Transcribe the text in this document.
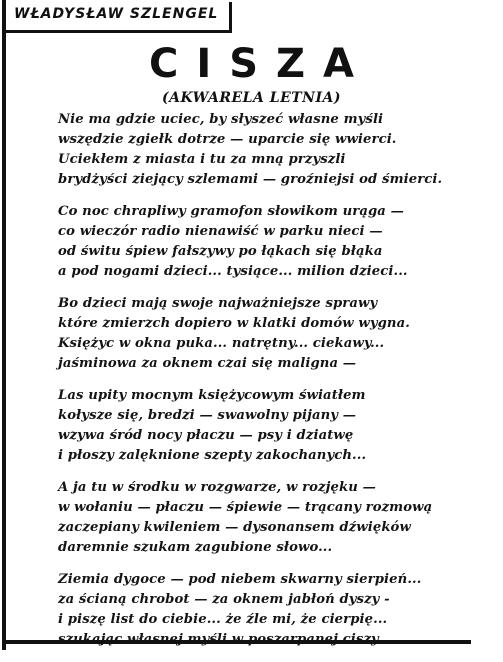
WŁADYSŁAW SZLENGEL
CISZA
(AKWARELA LETNIA)
Nie ma gdzie uciec, by słyszeć własne myśli
wszędzie zgiełk dotrze — uparcie się wwierci.
Uciekłem z miasta i tu za mną przyszli
brydżyści ziejący szlemami — groźniejsi od śmierci.
Co noc chrapliwy gramofon słowikom urąga —
co wieczór radio nienawiść w parku nieci —
od świtu śpiew fałszywy po łąkach się błąka
a pod nogami dzieci... tysiące... milion dzieci...
Bo dzieci mają swoje najważniejsze sprawy
które zmierzch dopiero w klatki domów wygna.
Księżyc w okna puka... natrętny... ciekawy...
jaśminowa za oknem czai się maligna —
Las upity mocnym księżycowym światłem
kołysze się, bredzi — swawolny pijany —
wzywa śród nocy płaczu — psy i dziatwę
i płoszy zalęknione szepty zakochanych...
A ja tu w środku w rozgwarze, w rozjęku —
w wołaniu — płaczu — śpiewie — trącany rozmową
zaczepiany kwileniem — dysonansem dźwięków
daremnie szukam zagubione słowo...
Ziemia dygoce — pod niebem skwarny sierpień...
za ścianą chrobot — za oknem jabłoń dyszy -
i piszę list do ciebie... że źle mi, że cierpię...
